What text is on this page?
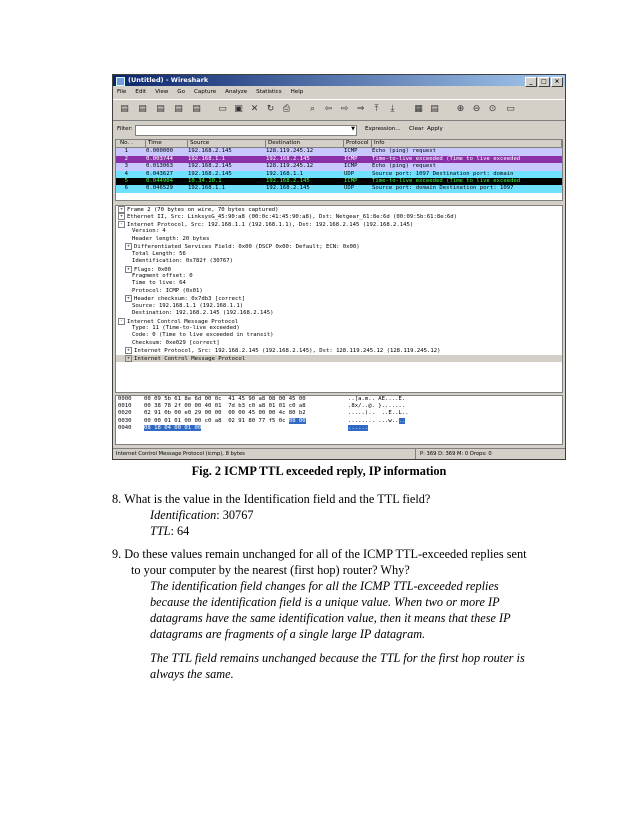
(Untitled) - Wireshark	_ □ ×
File Edit View Go Capture Analyze Statistics Help
▤ ▤ ▤ ▤ ▤ ▭ ▣ ✕ ↻ ⎙	⌕	⇦ ⇨ ⇒	⤒	⤓	▦ ▤ ⊕ ⊖ ⊙ ▭
Filter:	▼	Expression... Clear Apply
No. .	Time	Source	Destination	Protocol Info
1	0.000000	192.168.2.145	128.119.245.12	ICMP	Echo (ping) request
2	0.003744	192.168.1.1	192.168.2.145	ICMP	Time-to-live exceeded (Time to live exceeded
3	0.013063	192.168.2.145	128.119.245.12	ICMP	Echo (ping) request
4	0.043627	192.168.2.145	192.168.1.1	UDP	Source port: 1097 Destination port: domain
5	0.044904	10.34.10.1	192.168.2.145	ICMP	Time-to-live exceeded (Time to live exceeded
6	0.046529	192.168.1.1	192.168.2.145	UDP	Source port: domain Destination port: 1097
+ Frame 2 (70 bytes on wire, 70 bytes captured)
+ Ethernet II, Src: LinksysG_45:90:a8 (00:0c:41:45:90:a8), Dst: Netgear_61:8e:6d (00:09:5b:61:8e:6d)
- Internet Protocol, Src: 192.168.1.1 (192.168.1.1), Dst: 192.168.2.145 (192.168.2.145)
Version: 4
Header length: 20 bytes
+ Differentiated Services Field: 0x00 (DSCP 0x00: Default; ECN: 0x00)
Total Length: 56
Identification: 0x782f (30767)
+ Flags: 0x00
Fragment offset: 0
Time to live: 64
Protocol: ICMP (0x01)
+ Header checksum: 0x7db3 [correct]
Source: 192.168.1.1 (192.168.1.1)
Destination: 192.168.2.145 (192.168.2.145)
- Internet Control Message Protocol
Type: 11 (Time-to-live exceeded)
Code: 0 (Time to live exceeded in transit)
Checksum: 0xe029 [correct]
+ Internet Protocol, Src: 192.168.2.145 (192.168.2.145), Dst: 128.119.245.12 (128.119.245.12)
+ Internet Control Message Protocol
0000 00 09 5b 61 8e 6d 00 0c  41 45 90 a8 08 00 45 00	..[a.m.. AE....E.
0010 00 38 78 2f 00 00 40 01  7d b3 c0 a8 01 01 c0 a8	.8x/..@. }.......
0020 02 91 0b 00 e0 29 00 00  00 00 45 00 00 4c 80 b2	.....)..  ..E..L..
0030 00 00 01 01 00 00 c0 a8  02 91 80 77 f5 0c 08 00	........ ...w....
0040 08 18 04 00 01 00	......
Internet Control Message Protocol (icmp), 8 bytes	P: 369 D: 369 M: 0 Drops: 0
Fig. 2 ICMP TTL exceeded reply, IP information
8. What is the value in the Identification field and the TTL field?
Identification: 30767
TTL: 64
9. Do these values remain unchanged for all of the ICMP TTL-exceeded replies sent
to your computer by the nearest (first hop) router? Why?
The identification field changes for all the ICMP TTL-exceeded replies
because the identification field is a unique value. When two or more IP
datagrams have the same identification value, then it means that these IP
datagrams are fragments of a single large IP datagram.
The TTL field remains unchanged because the TTL for the first hop router is
always the same.
